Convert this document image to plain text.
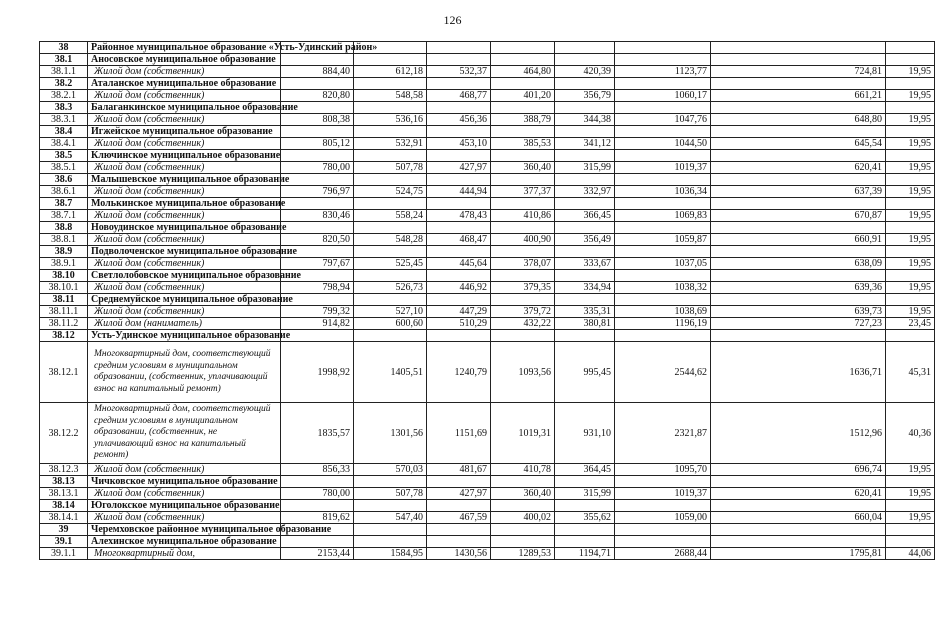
126
38	Районное муниципальное образование «Усть-Удинский район»								
38.1	Аносовское муниципальное образование								
38.1.1	Жилой дом (собственник)	884,40	612,18	532,37	464,80	420,39	1123,77	724,81	19,95
38.2	Аталанское муниципальное образование								
38.2.1	Жилой дом (собственник)	820,80	548,58	468,77	401,20	356,79	1060,17	661,21	19,95
38.3	Балаганкинское муниципальное образование								
38.3.1	Жилой дом (собственник)	808,38	536,16	456,36	388,79	344,38	1047,76	648,80	19,95
38.4	Игжейское муниципальное образование								
38.4.1	Жилой дом (собственник)	805,12	532,91	453,10	385,53	341,12	1044,50	645,54	19,95
38.5	Ключинское муниципальное образование								
38.5.1	Жилой дом (собственник)	780,00	507,78	427,97	360,40	315,99	1019,37	620,41	19,95
38.6	Малышевское муниципальное образование								
38.6.1	Жилой дом (собственник)	796,97	524,75	444,94	377,37	332,97	1036,34	637,39	19,95
38.7	Молькинское муниципальное образование								
38.7.1	Жилой дом (собственник)	830,46	558,24	478,43	410,86	366,45	1069,83	670,87	19,95
38.8	Новоудинское муниципальное образование								
38.8.1	Жилой дом (собственник)	820,50	548,28	468,47	400,90	356,49	1059,87	660,91	19,95
38.9	Подволоченское муниципальное образование								
38.9.1	Жилой дом (собственник)	797,67	525,45	445,64	378,07	333,67	1037,05	638,09	19,95
38.10	Светлолобовское муниципальное образование								
38.10.1	Жилой дом (собственник)	798,94	526,73	446,92	379,35	334,94	1038,32	639,36	19,95
38.11	Среднемуйское муниципальное образование								
38.11.1	Жилой дом (собственник)	799,32	527,10	447,29	379,72	335,31	1038,69	639,73	19,95
38.11.2	Жилой дом (наниматель)	914,82	600,60	510,29	432,22	380,81	1196,19	727,23	23,45
38.12	Усть-Удинское муниципальное образование								
38.12.1	Многоквартирный дом, соответствующий средним условиям в муниципальном образовании, (собственник, уплачивающий взнос на капитальный ремонт)	1998,92	1405,51	1240,79	1093,56	995,45	2544,62	1636,71	45,31
38.12.2	Многоквартирный дом, соответствующий средним условиям в муниципальном образовании, (собственник, не уплачивающий взнос на капитальный ремонт)	1835,57	1301,56	1151,69	1019,31	931,10	2321,87	1512,96	40,36
38.12.3	Жилой дом (собственник)	856,33	570,03	481,67	410,78	364,45	1095,70	696,74	19,95
38.13	Чичковское муниципальное образование								
38.13.1	Жилой дом (собственник)	780,00	507,78	427,97	360,40	315,99	1019,37	620,41	19,95
38.14	Юголокское муниципальное образование								
38.14.1	Жилой дом (собственник)	819,62	547,40	467,59	400,02	355,62	1059,00	660,04	19,95
39	Черемховское районное муниципальное образование								
39.1	Алехинское муниципальное образование								
39.1.1	Многоквартирный дом,	2153,44	1584,95	1430,56	1289,53	1194,71	2688,44	1795,81	44,06
